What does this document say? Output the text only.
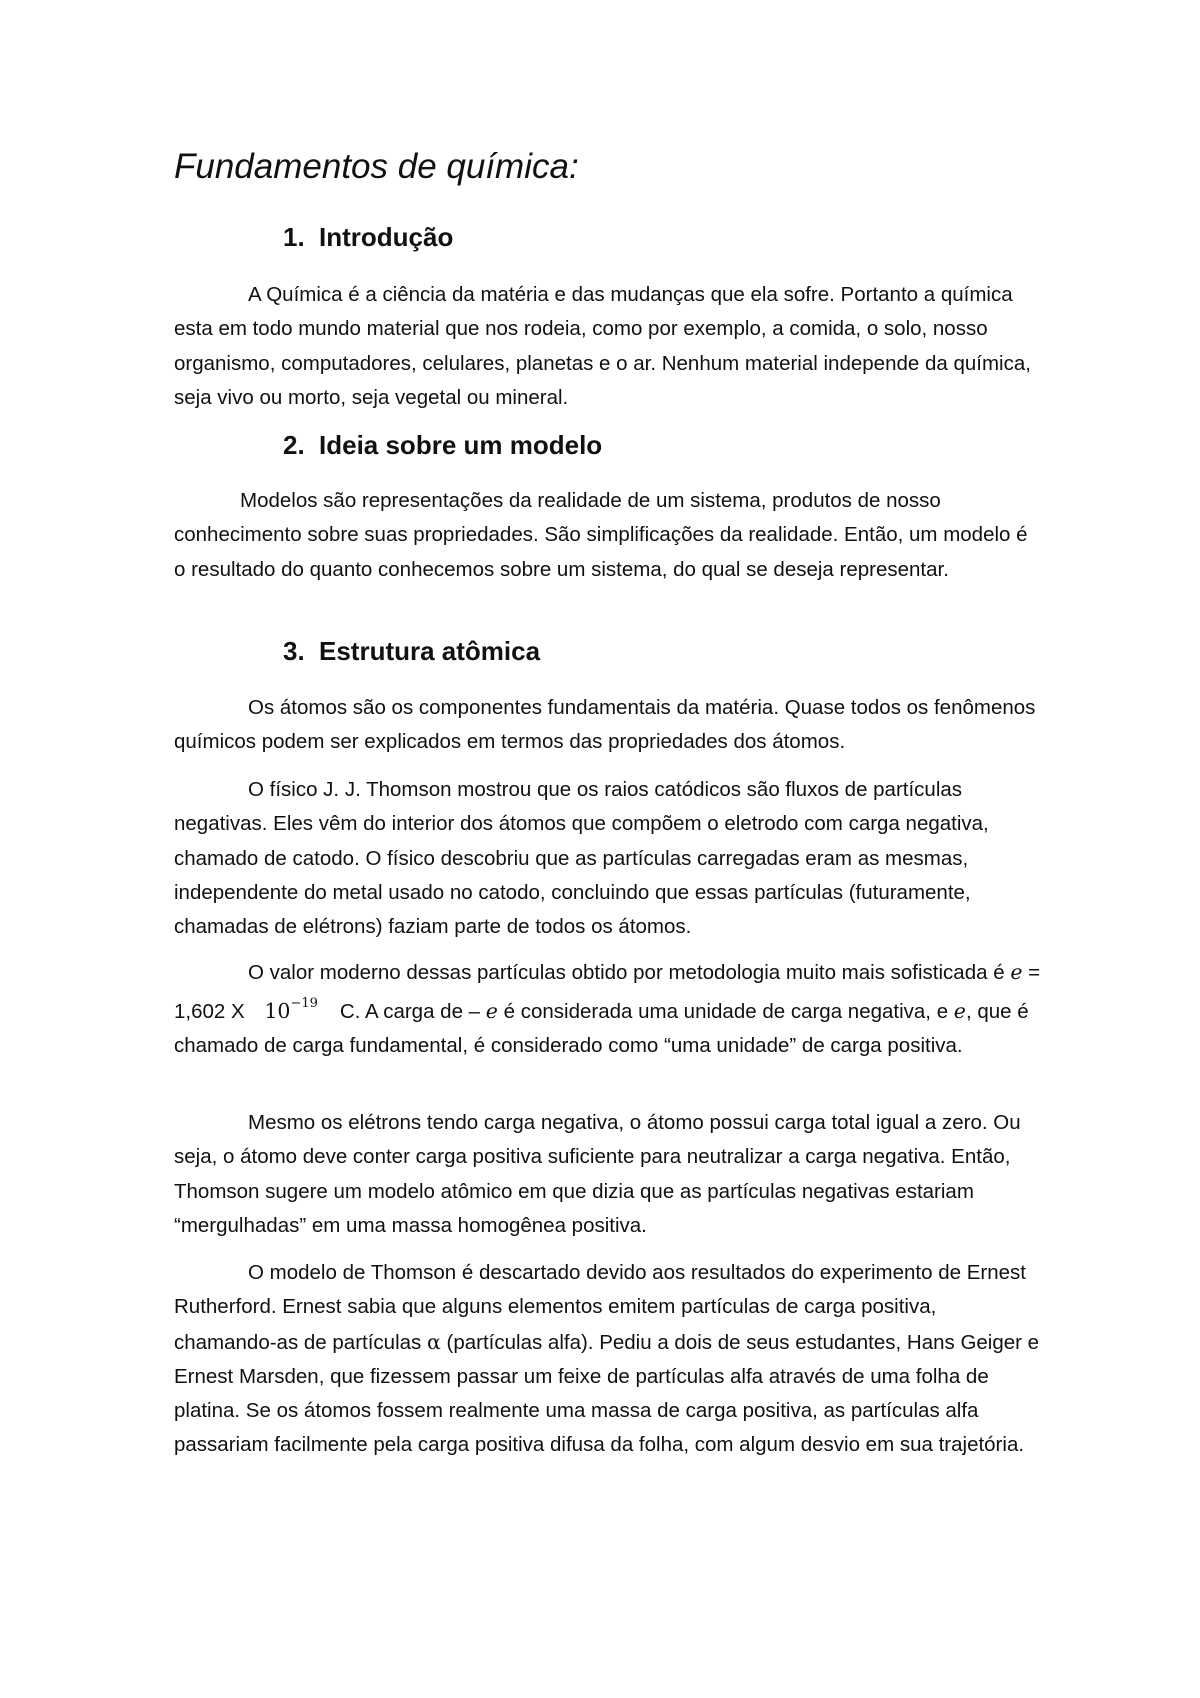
Fundamentos de química:
1. Introdução

A Química é a ciência da matéria e das mudanças que ela sofre. Portanto a química esta em todo mundo material que nos rodeia, como por exemplo, a comida, o solo, nosso organismo, computadores, celulares, planetas e o ar. Nenhum material independe da química, seja vivo ou morto, seja vegetal ou mineral.

2. Ideia sobre um modelo

Modelos são representações da realidade de um sistema, produtos de nosso conhecimento sobre suas propriedades. São simplificações da realidade. Então, um modelo é o resultado do quanto conhecemos sobre um sistema, do qual se deseja representar.

3. Estrutura atômica

Os átomos são os componentes fundamentais da matéria. Quase todos os fenômenos químicos podem ser explicados em termos das propriedades dos átomos.

O físico J. J. Thomson mostrou que os raios catódicos são fluxos de partículas negativas. Eles vêm do interior dos átomos que compõem o eletrodo com carga negativa, chamado de catodo. O físico descobriu que as partículas carregadas eram as mesmas, independente do metal usado no catodo, concluindo que essas partículas (futuramente, chamadas de elétrons) faziam parte de todos os átomos.

O valor moderno dessas partículas obtido por metodologia muito mais sofisticada é e = 1,602 X $10^{-19}$ C. A carga de – e é considerada uma unidade de carga negativa, e e, que é chamado de carga fundamental, é considerado como “uma unidade” de carga positiva.

Mesmo os elétrons tendo carga negativa, o átomo possui carga total igual a zero. Ou seja, o átomo deve conter carga positiva suficiente para neutralizar a carga negativa. Então, Thomson sugere um modelo atômico em que dizia que as partículas negativas estariam “mergulhadas” em uma massa homogênea positiva.

O modelo de Thomson é descartado devido aos resultados do experimento de Ernest Rutherford. Ernest sabia que alguns elementos emitem partículas de carga positiva, chamando-as de partículas α (partículas alfa). Pediu a dois de seus estudantes, Hans Geiger e Ernest Marsden, que fizessem passar um feixe de partículas alfa através de uma folha de platina. Se os átomos fossem realmente uma massa de carga positiva, as partículas alfa passariam facilmente pela carga positiva difusa da folha, com algum desvio em sua trajetória.
